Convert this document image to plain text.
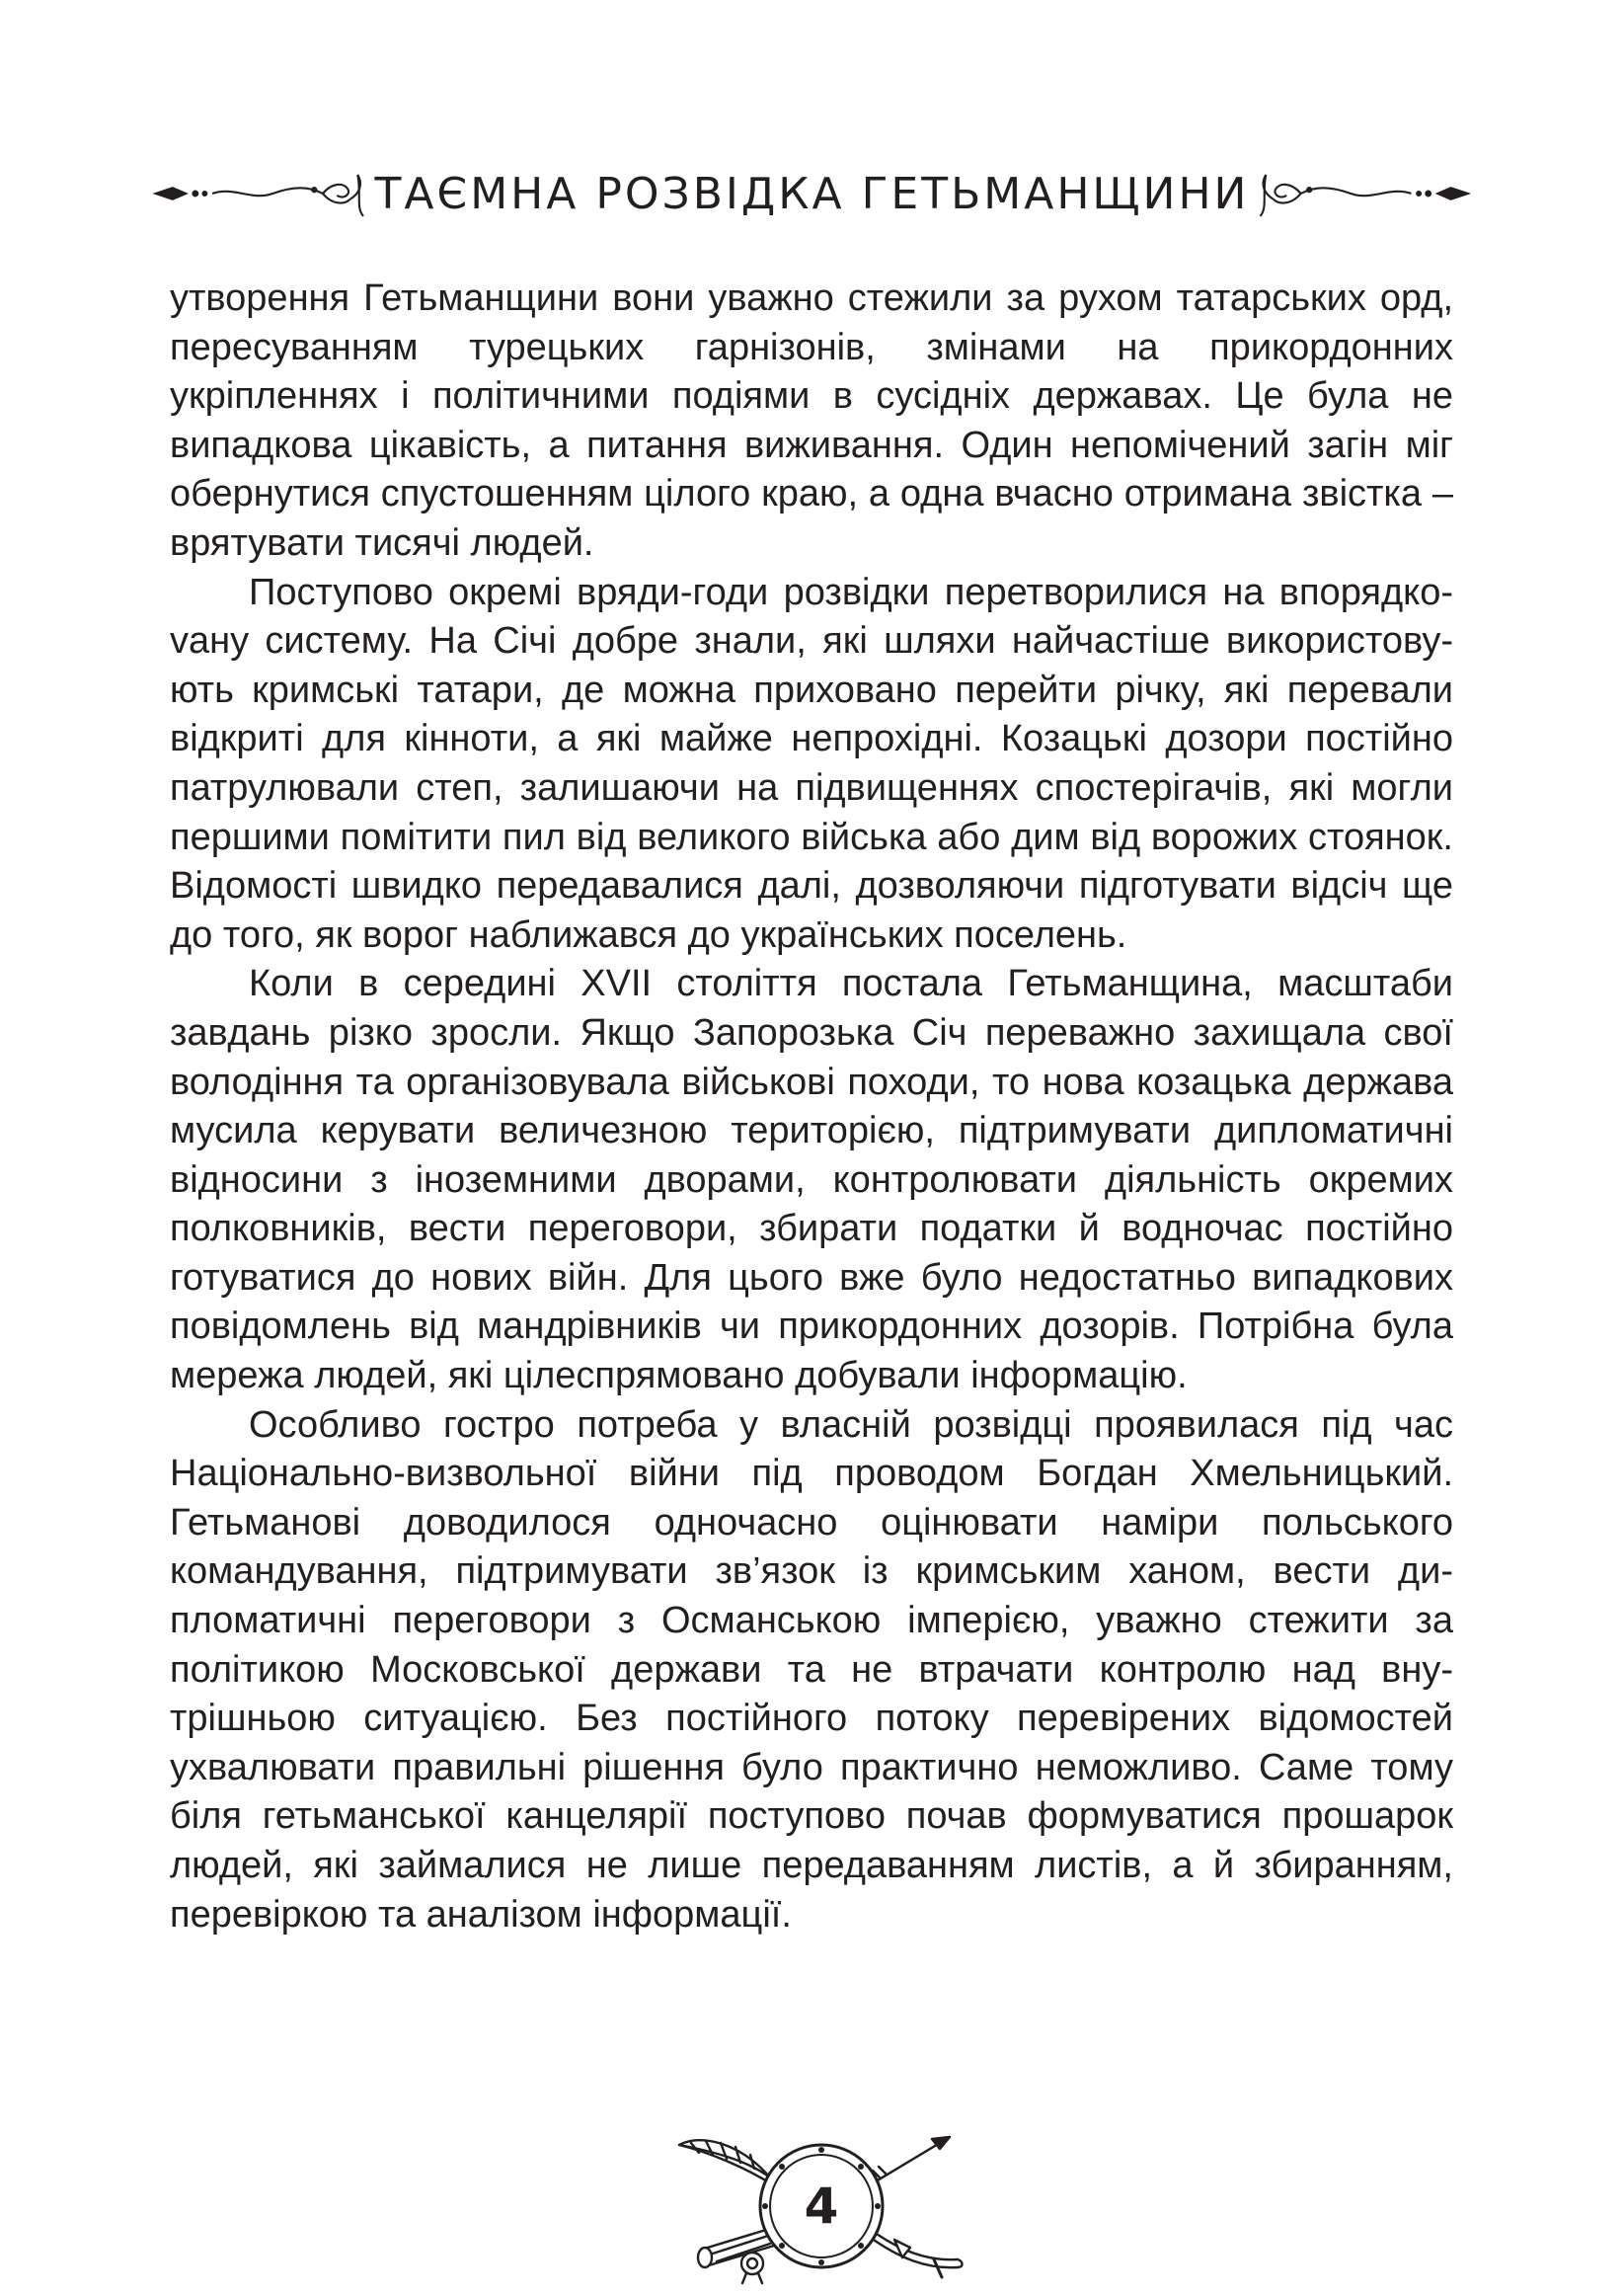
ТАЄМНА РОЗВІДКА ГЕТЬМАНЩИНИ

утворення Гетьманщини вони уважно стежили за рухом татарських орд, пересуванням турецьких гарнізонів, змінами на прикордонних укріпленнях і політичними подіями в сусідніх державах. Це була не випадкова цікавість, а питання виживання. Один непомічений загін міг обернутися спустошенням цілого краю, а одна вчасно отримана звістка – врятувати тисячі людей.

Поступово окремі вряди-годи розвідки перетворилися на впорядкоvану систему. На Січі добре знали, які шляхи найчастіше використовують кримські татари, де можна приховано перейти річку, які перевали відкриті для кінноти, а які майже непрохідні. Козацькі дозори постійно патрулювали степ, залишаючи на підвищеннях спостерігачів, які могли першими помітити пил від великого війська або дим від ворожих стоянок. Відомості швидко передавалися далі, дозволяючи підготувати відсіч ще до того, як ворог наближався до українських поселень.

Коли в середині XVII століття постала Гетьманщина, масштаби завдань різко зросли. Якщо Запорозька Січ переважно захищала свої володіння та організовувала військові походи, то нова козацька держава мусила керувати величезною територією, підтримувати дипломатичні відносини з іноземними дворами, контролювати діяльність окремих полковників, вести переговори, збирати податки й водночас постійно готуватися до нових війн. Для цього вже було недостатньо випадкових повідомлень від мандрівників чи прикордонних дозорів. Потрібна була мережа людей, які цілеспрямовано добували інформацію.

Особливо гостро потреба у власній розвідці проявилася під час Національно-визвольної війни під проводом Богдан Хмельницький. Гетьманові доводилося одночасно оцінювати наміри польського командування, підтримувати зв’язок із кримським ханом, вести дипломатичні переговори з Османською імперією, уважно стежити за політикою Московської держави та не втрачати контролю над внутрішньою ситуацією. Без постійного потоку перевірених відомостей ухвалювати правильні рішення було практично неможливо. Саме тому біля гетьманської канцелярії поступово почав формуватися прошарок людей, які займалися не лише передаванням листів, а й збиранням, перевіркою та аналізом інформації.

4
